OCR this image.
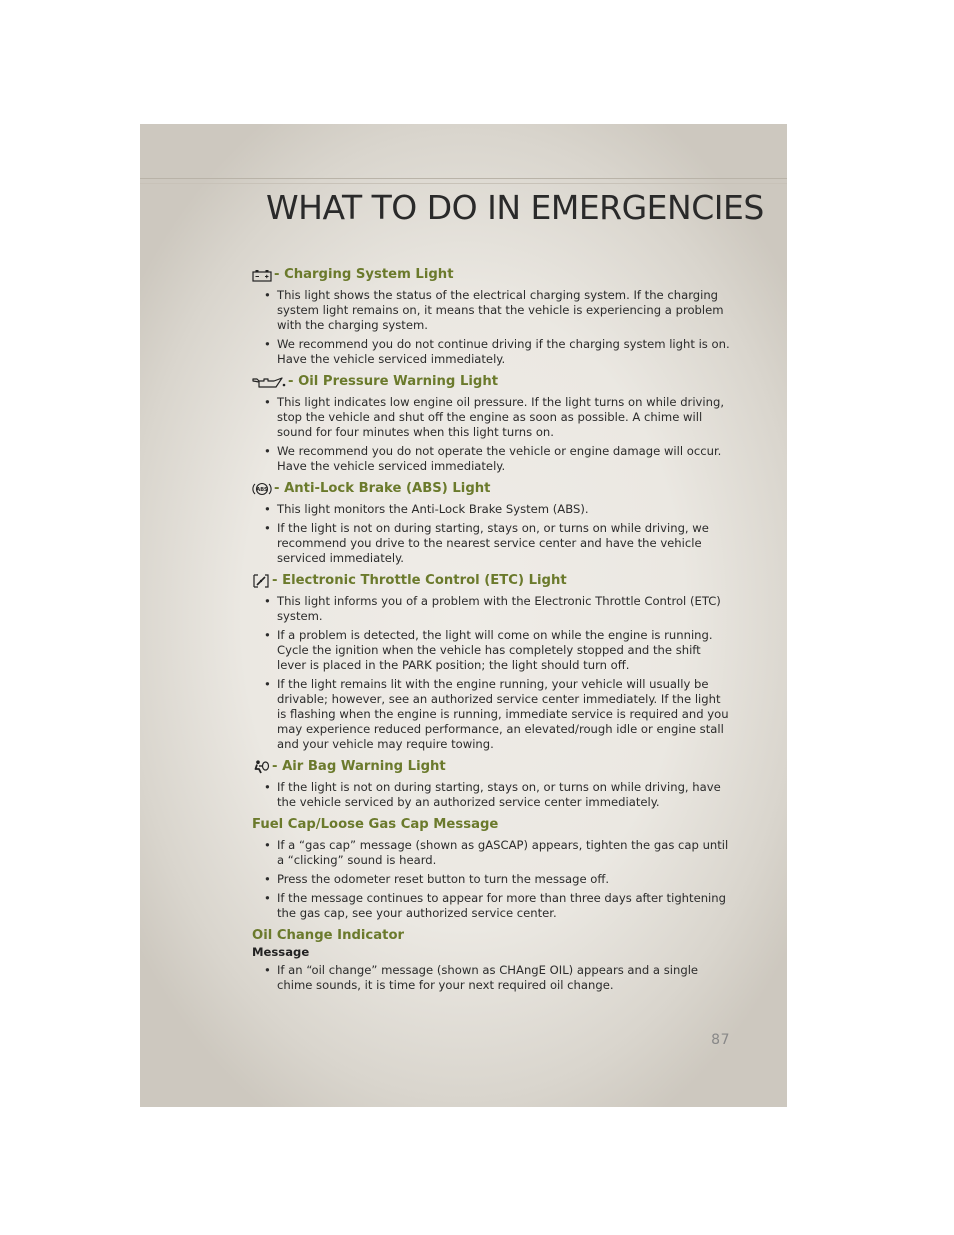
WHAT TO DO IN EMERGENCIES
- Charging System Light
• This light shows the status of the electrical charging system. If the charging system light remains on, it means that the vehicle is experiencing a problem with the charging system.
• We recommend you do not continue driving if the charging system light is on. Have the vehicle serviced immediately.
- Oil Pressure Warning Light
• This light indicates low engine oil pressure. If the light turns on while driving, stop the vehicle and shut off the engine as soon as possible. A chime will sound for four minutes when this light turns on.
• We recommend you do not operate the vehicle or engine damage will occur. Have the vehicle serviced immediately.
ABS - Anti-Lock Brake (ABS) Light
• This light monitors the Anti-Lock Brake System (ABS).
• If the light is not on during starting, stays on, or turns on while driving, we recommend you drive to the nearest service center and have the vehicle serviced immediately.
- Electronic Throttle Control (ETC) Light
• This light informs you of a problem with the Electronic Throttle Control (ETC) system.
• If a problem is detected, the light will come on while the engine is running. Cycle the ignition when the vehicle has completely stopped and the shift lever is placed in the PARK position; the light should turn off.
• If the light remains lit with the engine running, your vehicle will usually be drivable; however, see an authorized service center immediately. If the light is flashing when the engine is running, immediate service is required and you may experience reduced performance, an elevated/rough idle or engine stall and your vehicle may require towing.
- Air Bag Warning Light
• If the light is not on during starting, stays on, or turns on while driving, have the vehicle serviced by an authorized service center immediately.
Fuel Cap/Loose Gas Cap Message
• If a “gas cap” message (shown as gASCAP) appears, tighten the gas cap until a “clicking” sound is heard.
• Press the odometer reset button to turn the message off.
• If the message continues to appear for more than three days after tightening the gas cap, see your authorized service center.
Oil Change Indicator
Message
• If an “oil change” message (shown as CHAngE OIL) appears and a single chime sounds, it is time for your next required oil change.
87
